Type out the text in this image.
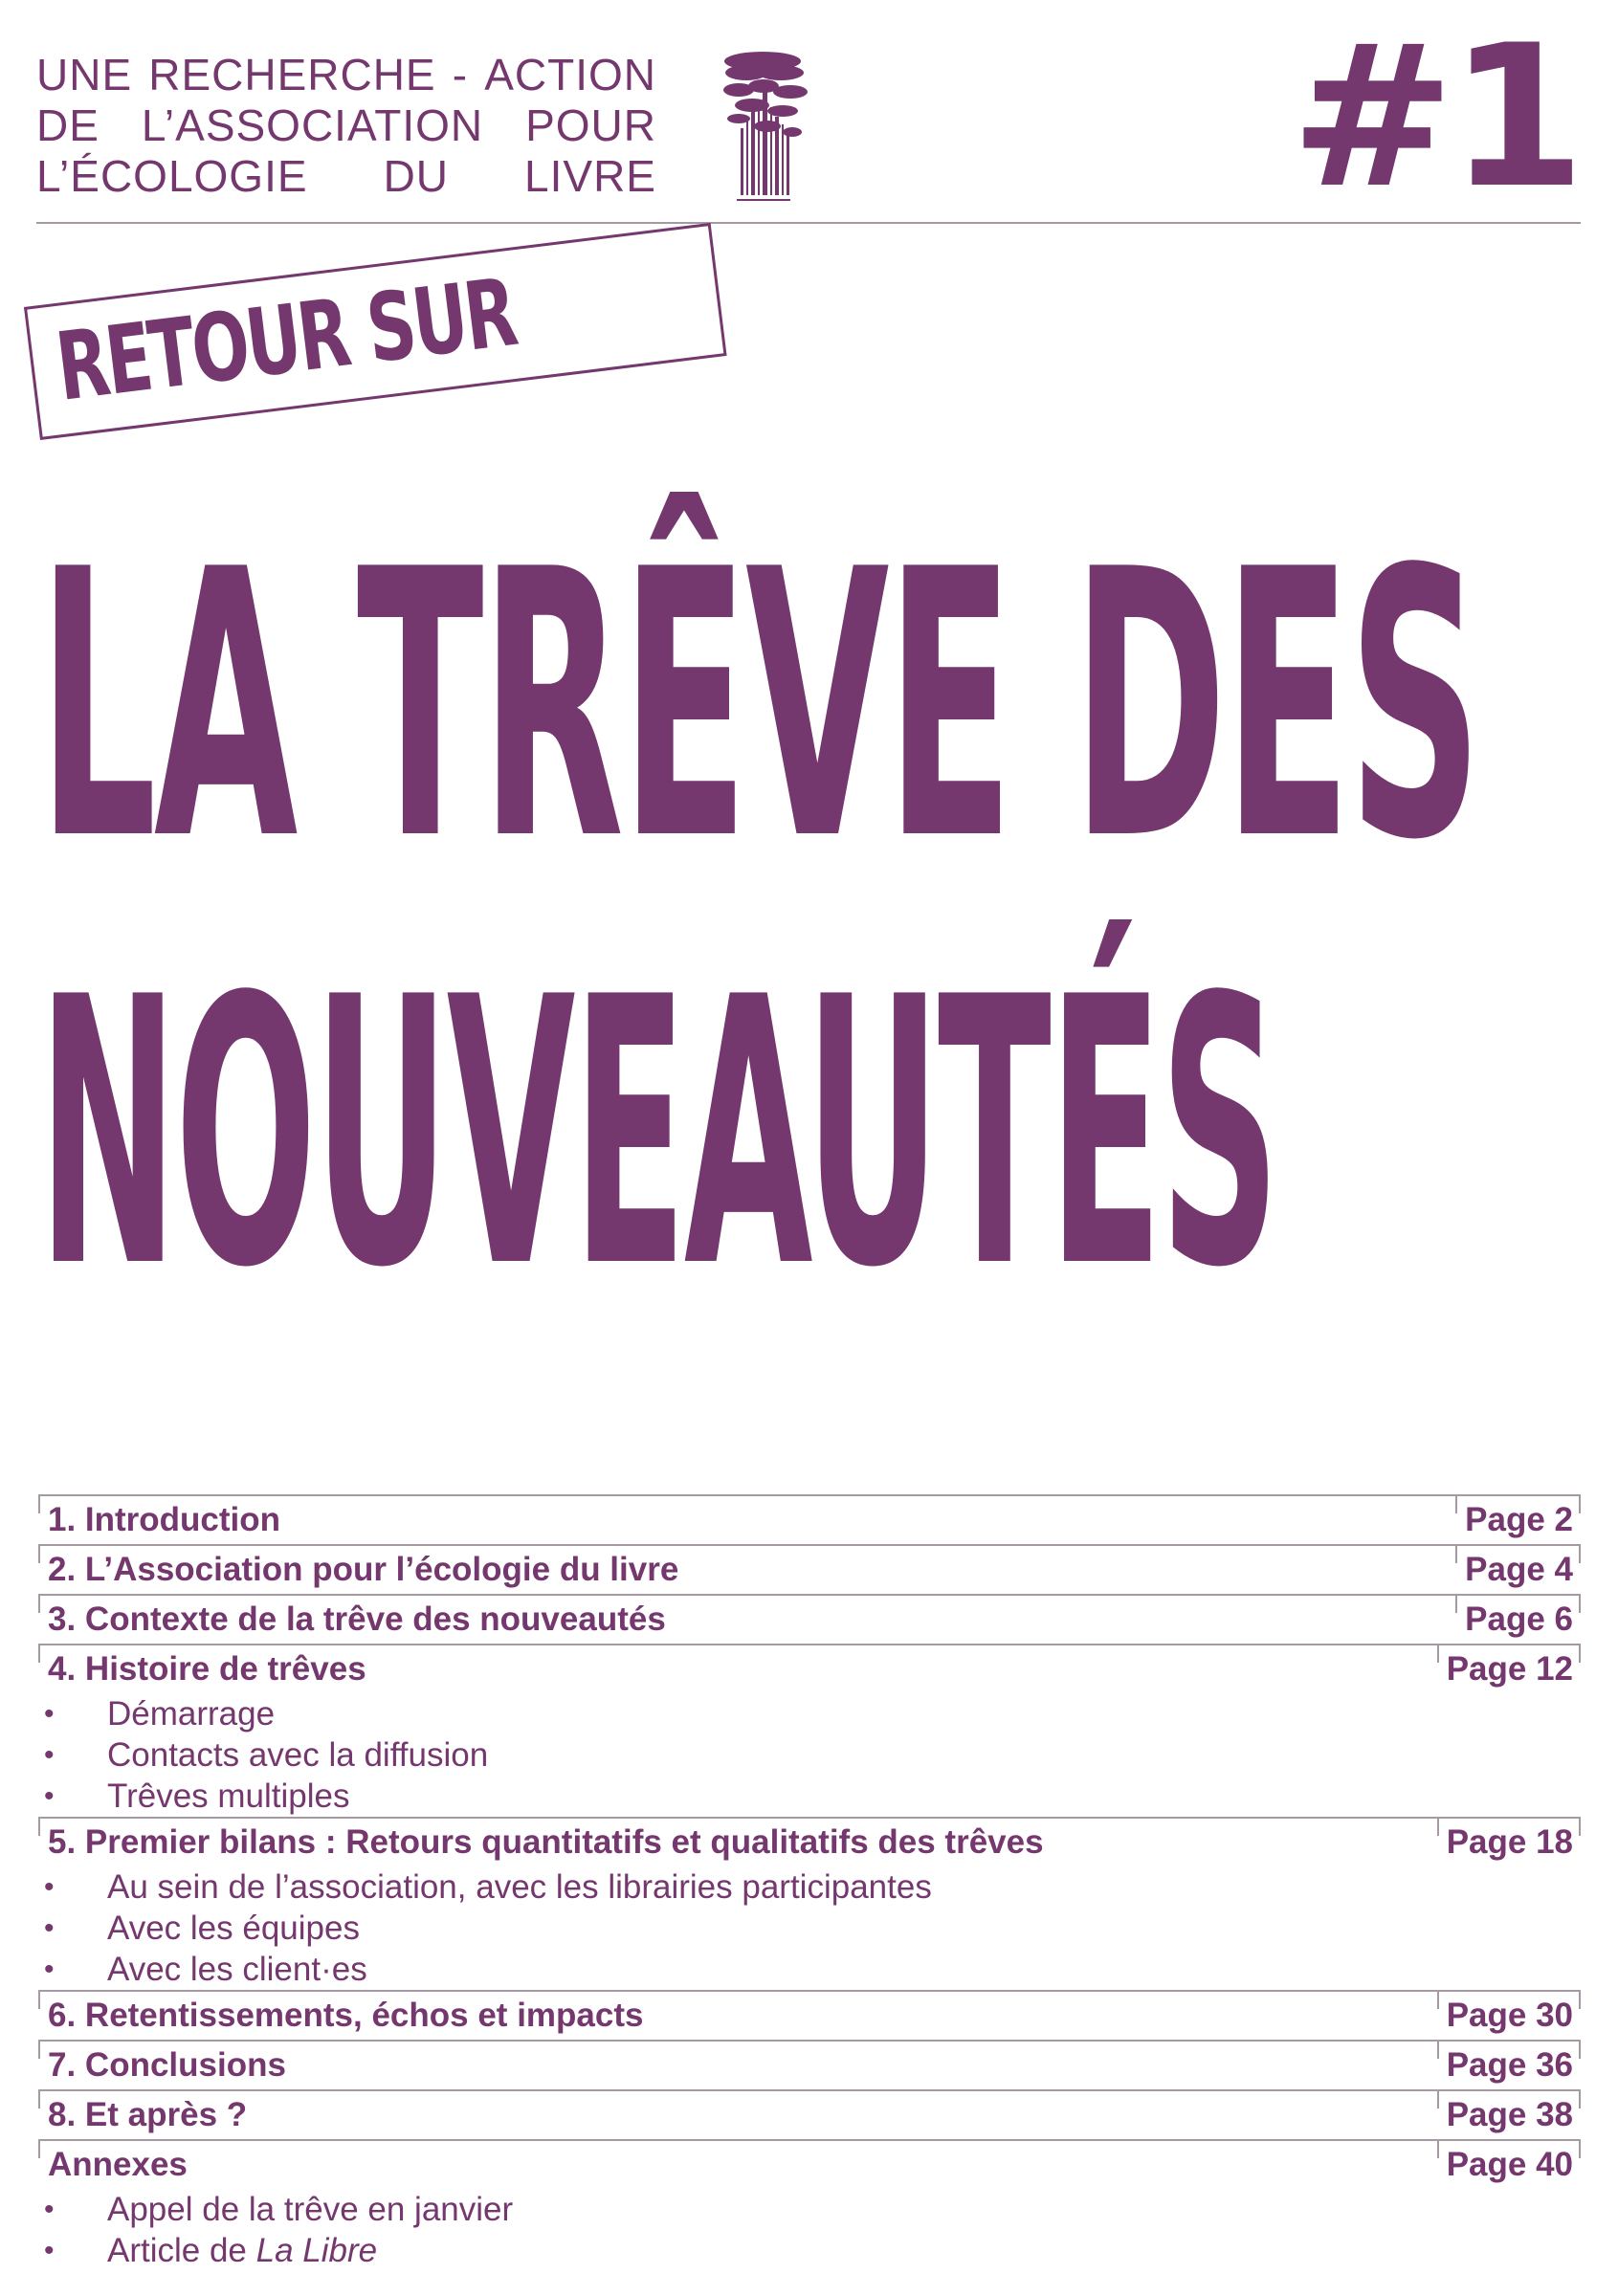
UNE RECHERCHE - ACTION
DE L’ASSOCIATION POUR
L’ÉCOLOGIE DU LIVRE	#1
RETOUR SUR
LA TRÊVE DES
NOUVEAUTÉS
1. Introduction	Page 2
2. L’Association pour l’écologie du livre	Page 4
3. Contexte de la trêve des nouveautés	Page 6
4. Histoire de trêves	Page 12
• Démarrage
• Contacts avec la diffusion
• Trêves multiples
5. Premier bilans : Retours quantitatifs et qualitatifs des trêves	Page 18
• Au sein de l’association, avec les librairies participantes
• Avec les équipes
• Avec les client·es
6. Retentissements, échos et impacts	Page 30
7. Conclusions	Page 36
8. Et après ?	Page 38
Annexes	Page 40
• Appel de la trêve en janvier
• Article de La Libre
